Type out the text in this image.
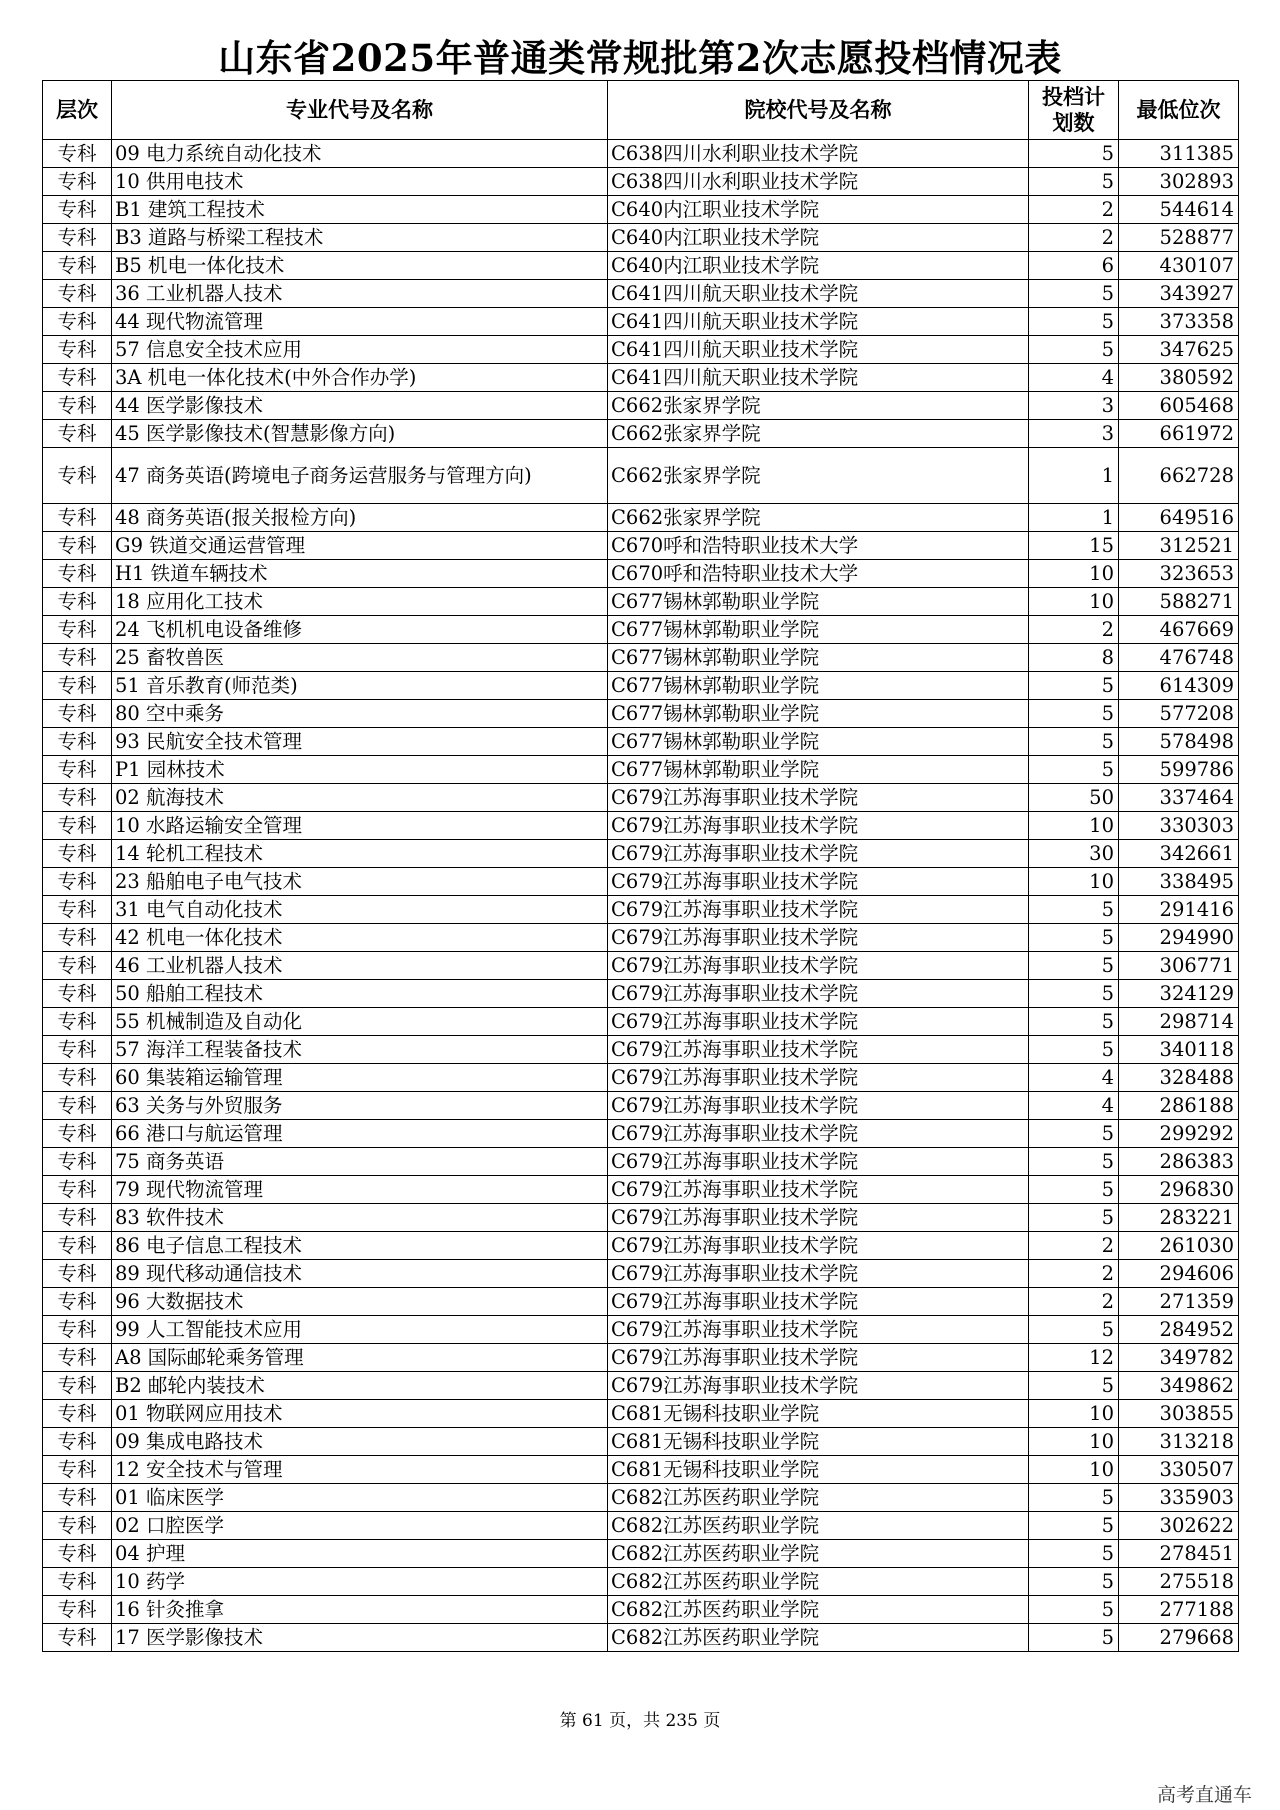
山东省2025年普通类常规批第2次志愿投档情况表
层次	专业代号及名称	院校代号及名称	投档计划数	最低位次
专科	09 电力系统自动化技术	C638四川水利职业技术学院	5	311385
专科	10 供用电技术	C638四川水利职业技术学院	5	302893
专科	B1 建筑工程技术	C640内江职业技术学院	2	544614
专科	B3 道路与桥梁工程技术	C640内江职业技术学院	2	528877
专科	B5 机电一体化技术	C640内江职业技术学院	6	430107
专科	36 工业机器人技术	C641四川航天职业技术学院	5	343927
专科	44 现代物流管理	C641四川航天职业技术学院	5	373358
专科	57 信息安全技术应用	C641四川航天职业技术学院	5	347625
专科	3A 机电一体化技术(中外合作办学)	C641四川航天职业技术学院	4	380592
专科	44 医学影像技术	C662张家界学院	3	605468
专科	45 医学影像技术(智慧影像方向)	C662张家界学院	3	661972
专科	47 商务英语(跨境电子商务运营服务与管理方向)	C662张家界学院	1	662728
专科	48 商务英语(报关报检方向)	C662张家界学院	1	649516
专科	G9 铁道交通运营管理	C670呼和浩特职业技术大学	15	312521
专科	H1 铁道车辆技术	C670呼和浩特职业技术大学	10	323653
专科	18 应用化工技术	C677锡林郭勒职业学院	10	588271
专科	24 飞机机电设备维修	C677锡林郭勒职业学院	2	467669
专科	25 畜牧兽医	C677锡林郭勒职业学院	8	476748
专科	51 音乐教育(师范类)	C677锡林郭勒职业学院	5	614309
专科	80 空中乘务	C677锡林郭勒职业学院	5	577208
专科	93 民航安全技术管理	C677锡林郭勒职业学院	5	578498
专科	P1 园林技术	C677锡林郭勒职业学院	5	599786
专科	02 航海技术	C679江苏海事职业技术学院	50	337464
专科	10 水路运输安全管理	C679江苏海事职业技术学院	10	330303
专科	14 轮机工程技术	C679江苏海事职业技术学院	30	342661
专科	23 船舶电子电气技术	C679江苏海事职业技术学院	10	338495
专科	31 电气自动化技术	C679江苏海事职业技术学院	5	291416
专科	42 机电一体化技术	C679江苏海事职业技术学院	5	294990
专科	46 工业机器人技术	C679江苏海事职业技术学院	5	306771
专科	50 船舶工程技术	C679江苏海事职业技术学院	5	324129
专科	55 机械制造及自动化	C679江苏海事职业技术学院	5	298714
专科	57 海洋工程装备技术	C679江苏海事职业技术学院	5	340118
专科	60 集装箱运输管理	C679江苏海事职业技术学院	4	328488
专科	63 关务与外贸服务	C679江苏海事职业技术学院	4	286188
专科	66 港口与航运管理	C679江苏海事职业技术学院	5	299292
专科	75 商务英语	C679江苏海事职业技术学院	5	286383
专科	79 现代物流管理	C679江苏海事职业技术学院	5	296830
专科	83 软件技术	C679江苏海事职业技术学院	5	283221
专科	86 电子信息工程技术	C679江苏海事职业技术学院	2	261030
专科	89 现代移动通信技术	C679江苏海事职业技术学院	2	294606
专科	96 大数据技术	C679江苏海事职业技术学院	2	271359
专科	99 人工智能技术应用	C679江苏海事职业技术学院	5	284952
专科	A8 国际邮轮乘务管理	C679江苏海事职业技术学院	12	349782
专科	B2 邮轮内装技术	C679江苏海事职业技术学院	5	349862
专科	01 物联网应用技术	C681无锡科技职业学院	10	303855
专科	09 集成电路技术	C681无锡科技职业学院	10	313218
专科	12 安全技术与管理	C681无锡科技职业学院	10	330507
专科	01 临床医学	C682江苏医药职业学院	5	335903
专科	02 口腔医学	C682江苏医药职业学院	5	302622
专科	04 护理	C682江苏医药职业学院	5	278451
专科	10 药学	C682江苏医药职业学院	5	275518
专科	16 针灸推拿	C682江苏医药职业学院	5	277188
专科	17 医学影像技术	C682江苏医药职业学院	5	279668
第 61 页，共 235 页
高考直通车
